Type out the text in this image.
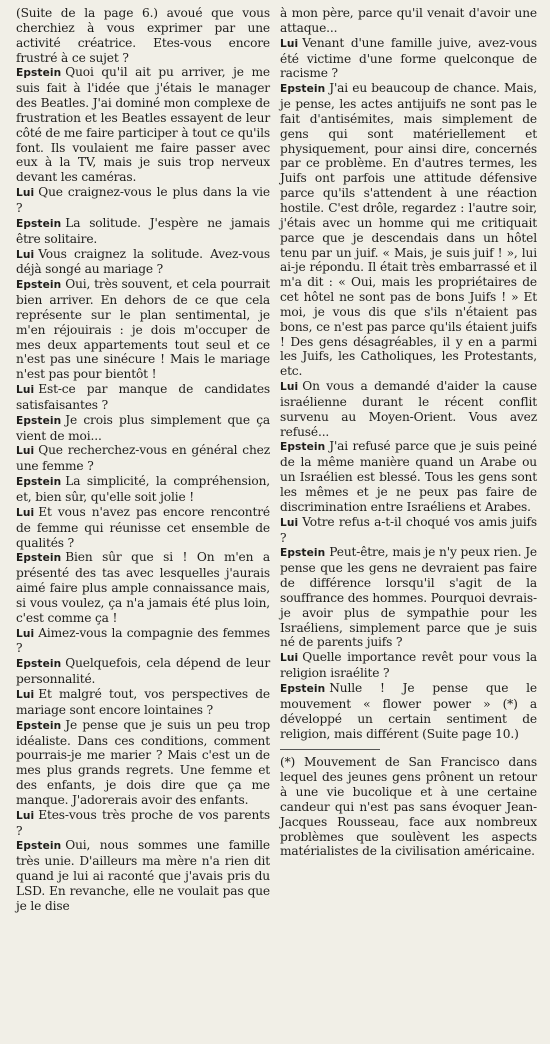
(Suite de la page 6.) avoué que vous cherchiez à vous exprimer par une activité créatrice. Etes-vous encore frustré à ce sujet ?

Epstein Quoi qu'il ait pu arriver, je me suis fait à l'idée que j'étais le manager des Beatles. J'ai dominé mon complexe de frustration et les Beatles essayent de leur côté de me faire participer à tout ce qu'ils font. Ils voulaient me faire passer avec eux à la TV, mais je suis trop nerveux devant les caméras.

Lui Que craignez-vous le plus dans la vie ?

Epstein La solitude. J'espère ne jamais être solitaire.

Lui Vous craignez la solitude. Avez-vous déjà songé au mariage ?

Epstein Oui, très souvent, et cela pourrait bien arriver. En dehors de ce que cela représente sur le plan sentimental, je m'en réjouirais : je dois m'occuper de mes deux appartements tout seul et ce n'est pas une sinécure ! Mais le mariage n'est pas pour bientôt !

Lui Est-ce par manque de candidates satisfaisantes ?

Epstein Je crois plus simplement que ça vient de moi...

Lui Que recherchez-vous en général chez une femme ?

Epstein La simplicité, la compréhension, et, bien sûr, qu'elle soit jolie !

Lui Et vous n'avez pas encore rencontré de femme qui réunisse cet ensemble de qualités ?

Epstein Bien sûr que si ! On m'en a présenté des tas avec lesquelles j'aurais aimé faire plus ample connaissance mais, si vous voulez, ça n'a jamais été plus loin, c'est comme ça !

Lui Aimez-vous la compagnie des femmes ?

Epstein Quelquefois, cela dépend de leur personnalité.

Lui Et malgré tout, vos perspectives de mariage sont encore lointaines ?

Epstein Je pense que je suis un peu trop idéaliste. Dans ces conditions, comment pourrais-je me marier ? Mais c'est un de mes plus grands regrets. Une femme et des enfants, je dois dire que ça me manque. J'adorerais avoir des enfants.

Lui Etes-vous très proche de vos parents ?

Epstein Oui, nous sommes une famille très unie. D'ailleurs ma mère n'a rien dit quand je lui ai raconté que j'avais pris du LSD. En revanche, elle ne voulait pas que je le dise

à mon père, parce qu'il venait d'avoir une attaque...

Lui Venant d'une famille juive, avez-vous été victime d'une forme quelconque de racisme ?

Epstein J'ai eu beaucoup de chance. Mais, je pense, les actes antijuifs ne sont pas le fait d'antisémites, mais simplement de gens qui sont matériellement et physiquement, pour ainsi dire, concernés par ce problème. En d'autres termes, les Juifs ont parfois une attitude défensive parce qu'ils s'attendent à une réaction hostile. C'est drôle, regardez : l'autre soir, j'étais avec un homme qui me critiquait parce que je descendais dans un hôtel tenu par un juif. « Mais, je suis juif ! », lui ai-je répondu. Il était très embarrassé et il m'a dit : « Oui, mais les propriétaires de cet hôtel ne sont pas de bons Juifs ! » Et moi, je vous dis que s'ils n'étaient pas bons, ce n'est pas parce qu'ils étaient juifs ! Des gens désagréables, il y en a parmi les Juifs, les Catholiques, les Protestants, etc.

Lui On vous a demandé d'aider la cause israélienne durant le récent conflit survenu au Moyen-Orient. Vous avez refusé...

Epstein J'ai refusé parce que je suis peiné de la même manière quand un Arabe ou un Israélien est blessé. Tous les gens sont les mêmes et je ne peux pas faire de discrimination entre Israéliens et Arabes.

Lui Votre refus a-t-il choqué vos amis juifs ?

Epstein Peut-être, mais je n'y peux rien. Je pense que les gens ne devraient pas faire de différence lorsqu'il s'agit de la souffrance des hommes. Pourquoi devrais-je avoir plus de sympathie pour les Israéliens, simplement parce que je suis né de parents juifs ?

Lui Quelle importance revêt pour vous la religion israélite ?

Epstein Nulle ! Je pense que le mouvement « flower power » (*) a développé un certain sentiment de religion, mais différent (Suite page 10.)

(*) Mouvement de San Francisco dans lequel des jeunes gens prônent un retour à une vie bucolique et à une certaine candeur qui n'est pas sans évoquer Jean-Jacques Rousseau, face aux nombreux problèmes que soulèvent les aspects matérialistes de la civilisation américaine.
